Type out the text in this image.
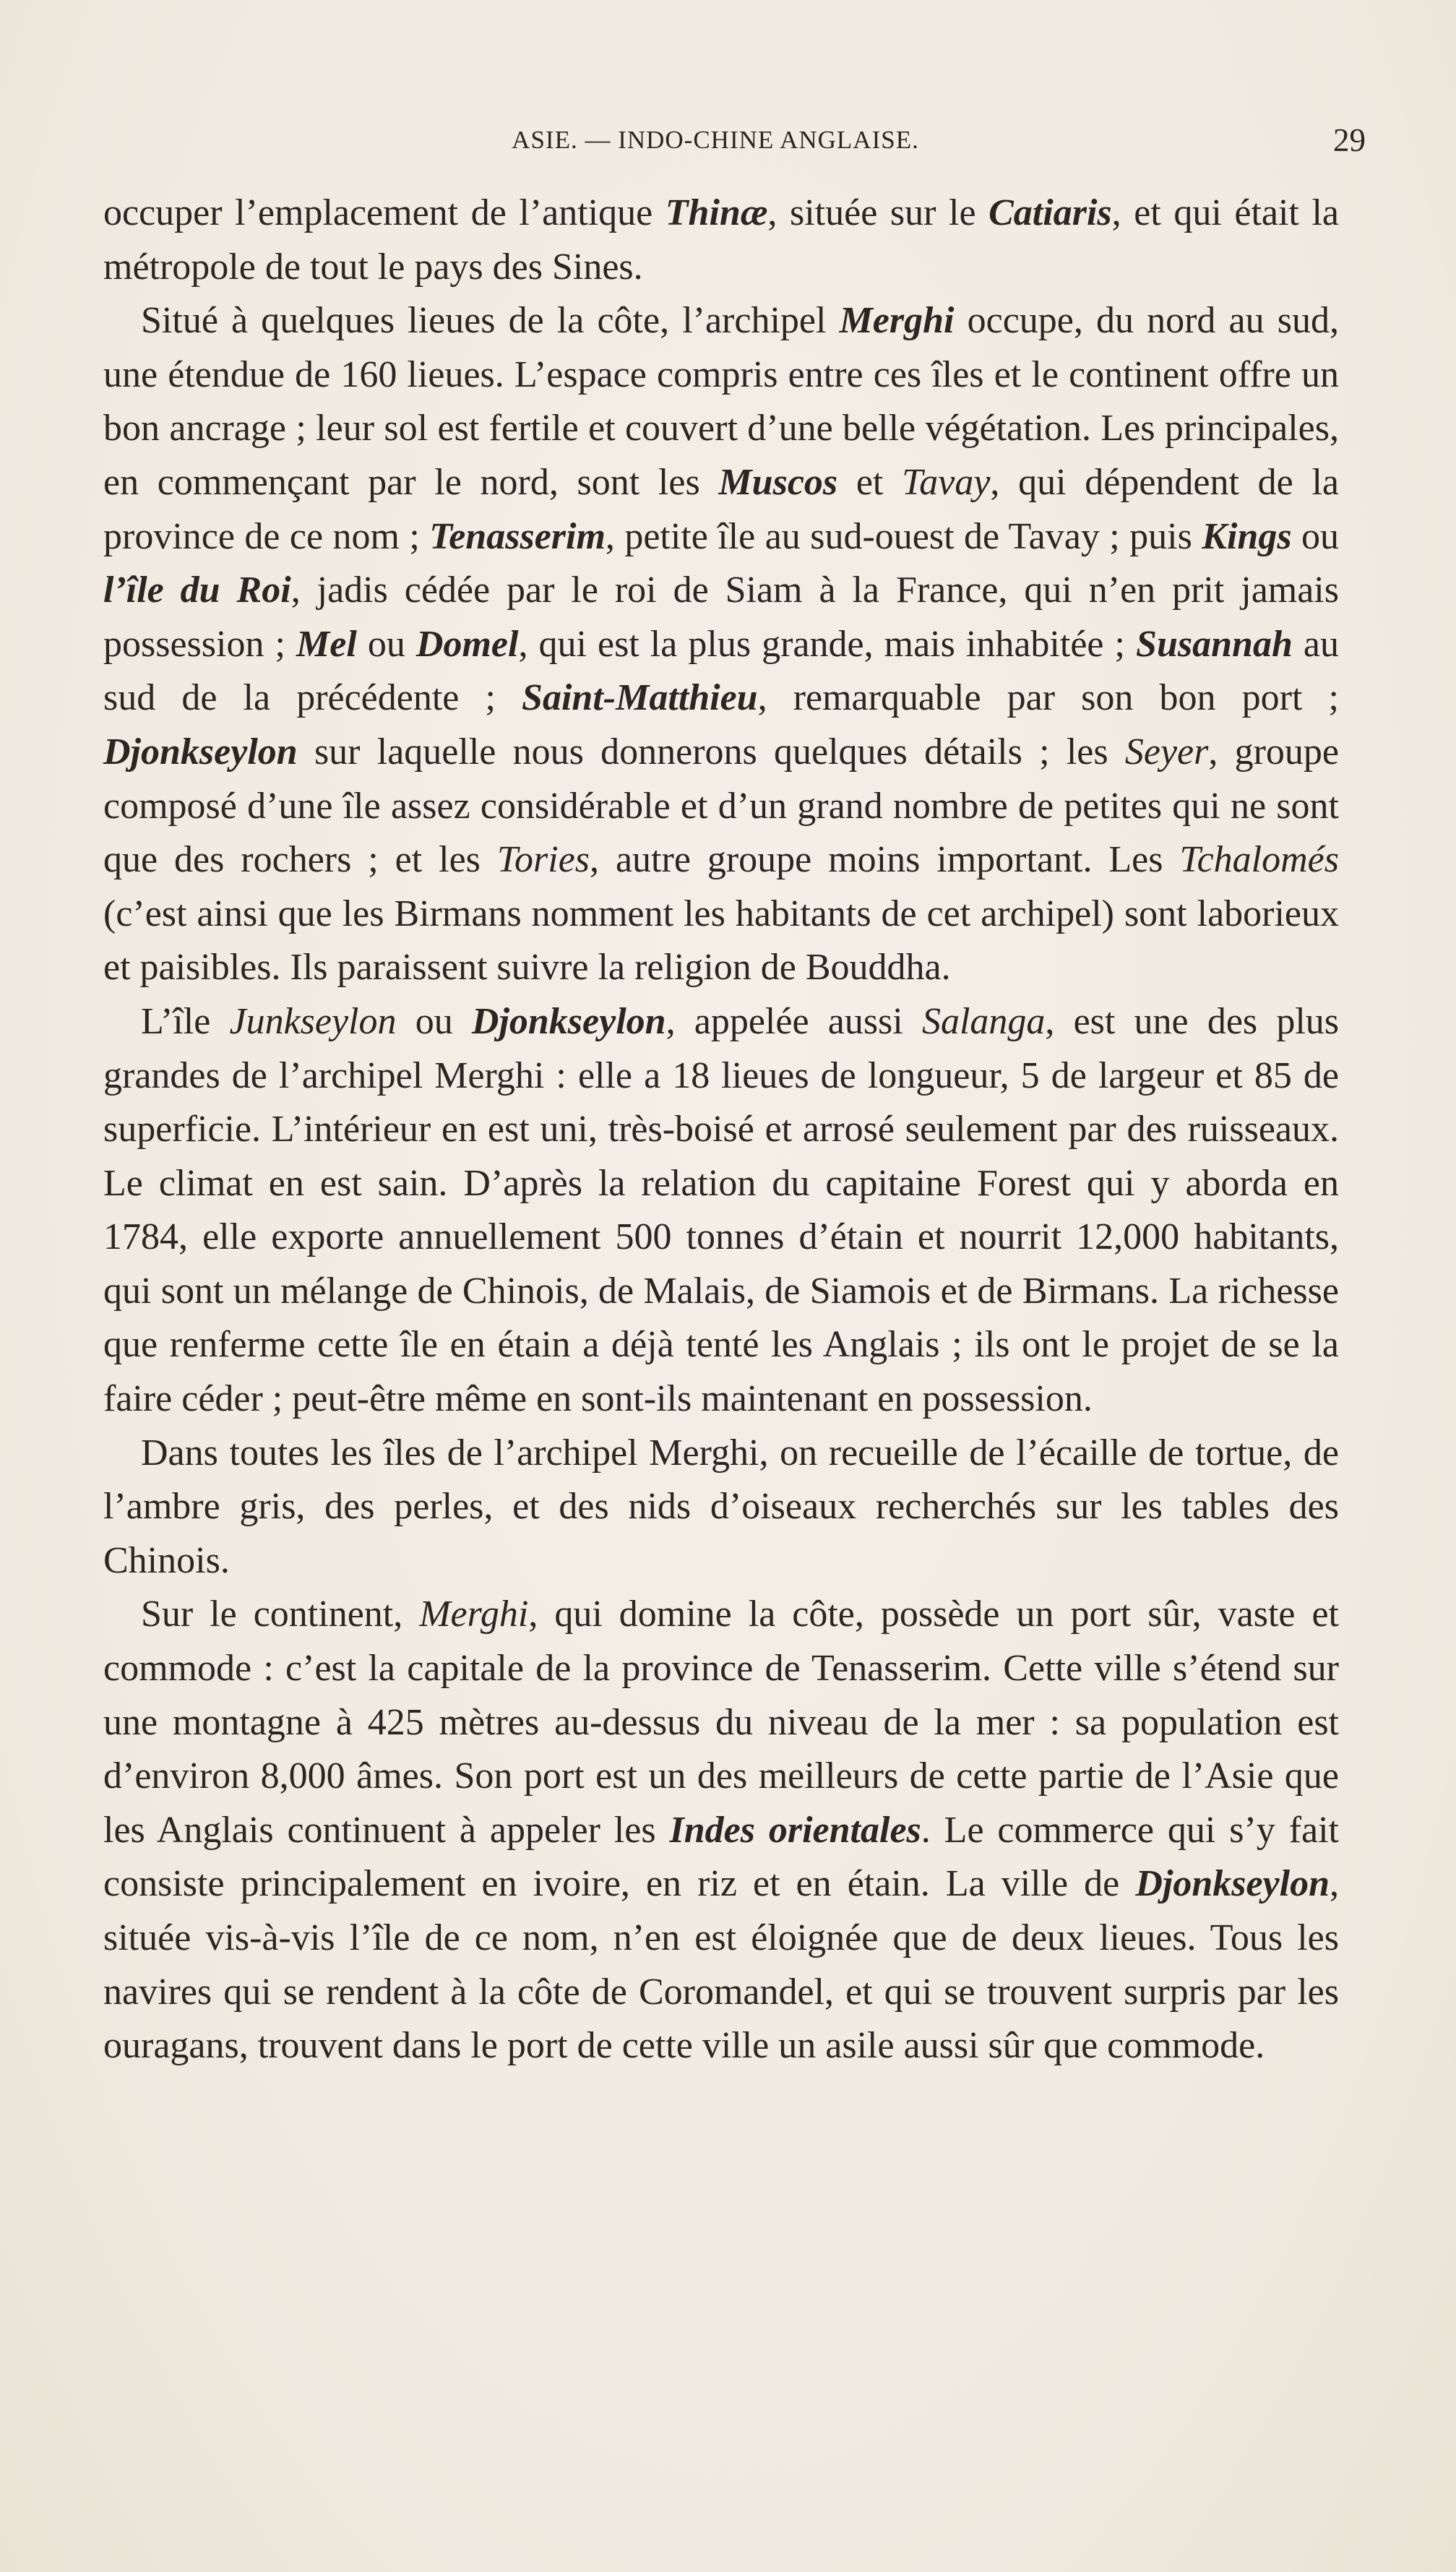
ASIE. — INDO-CHINE ANGLAISE.	29

occuper l’emplacement de l’antique Thinæ, située sur le Catiaris, et qui était la métropole de tout le pays des Sines.

Situé à quelques lieues de la côte, l’archipel Merghi occupe, du nord au sud, une étendue de 160 lieues. L’espace compris entre ces îles et le continent offre un bon ancrage ; leur sol est fertile et couvert d’une belle végétation. Les principales, en commençant par le nord, sont les Muscos et Tavay, qui dépendent de la province de ce nom ; Tenasserim, petite île au sud-ouest de Tavay ; puis Kings ou l’île du Roi, jadis cédée par le roi de Siam à la France, qui n’en prit jamais possession ; Mel ou Domel, qui est la plus grande, mais inhabitée ; Susannah au sud de la précédente ; Saint-Matthieu, remarquable par son bon port ; Djonkseylon sur laquelle nous donnerons quelques détails ; les Seyer, groupe composé d’une île assez considérable et d’un grand nombre de petites qui ne sont que des rochers ; et les Tories, autre groupe moins important. Les Tchalomés (c’est ainsi que les Birmans nomment les habitants de cet archipel) sont laborieux et paisibles. Ils paraissent suivre la religion de Bouddha.

L’île Junkseylon ou Djonkseylon, appelée aussi Salanga, est une des plus grandes de l’archipel Merghi : elle a 18 lieues de longueur, 5 de largeur et 85 de superficie. L’intérieur en est uni, très-boisé et arrosé seulement par des ruisseaux. Le climat en est sain. D’après la relation du capitaine Forest qui y aborda en 1784, elle exporte annuellement 500 tonnes d’étain et nourrit 12,000 habitants, qui sont un mélange de Chinois, de Malais, de Siamois et de Birmans. La richesse que renferme cette île en étain a déjà tenté les Anglais ; ils ont le projet de se la faire céder ; peut-être même en sont-ils maintenant en possession.

Dans toutes les îles de l’archipel Merghi, on recueille de l’écaille de tortue, de l’ambre gris, des perles, et des nids d’oiseaux recherchés sur les tables des Chinois.

Sur le continent, Merghi, qui domine la côte, possède un port sûr, vaste et commode : c’est la capitale de la province de Tenasserim. Cette ville s’étend sur une montagne à 425 mètres au-dessus du niveau de la mer : sa population est d’environ 8,000 âmes. Son port est un des meilleurs de cette partie de l’Asie que les Anglais continuent à appeler les Indes orientales. Le commerce qui s’y fait consiste principalement en ivoire, en riz et en étain. La ville de Djonkseylon, située vis-à-vis l’île de ce nom, n’en est éloignée que de deux lieues. Tous les navires qui se rendent à la côte de Coromandel, et qui se trouvent surpris par les ouragans, trouvent dans le port de cette ville un asile aussi sûr que commode.
